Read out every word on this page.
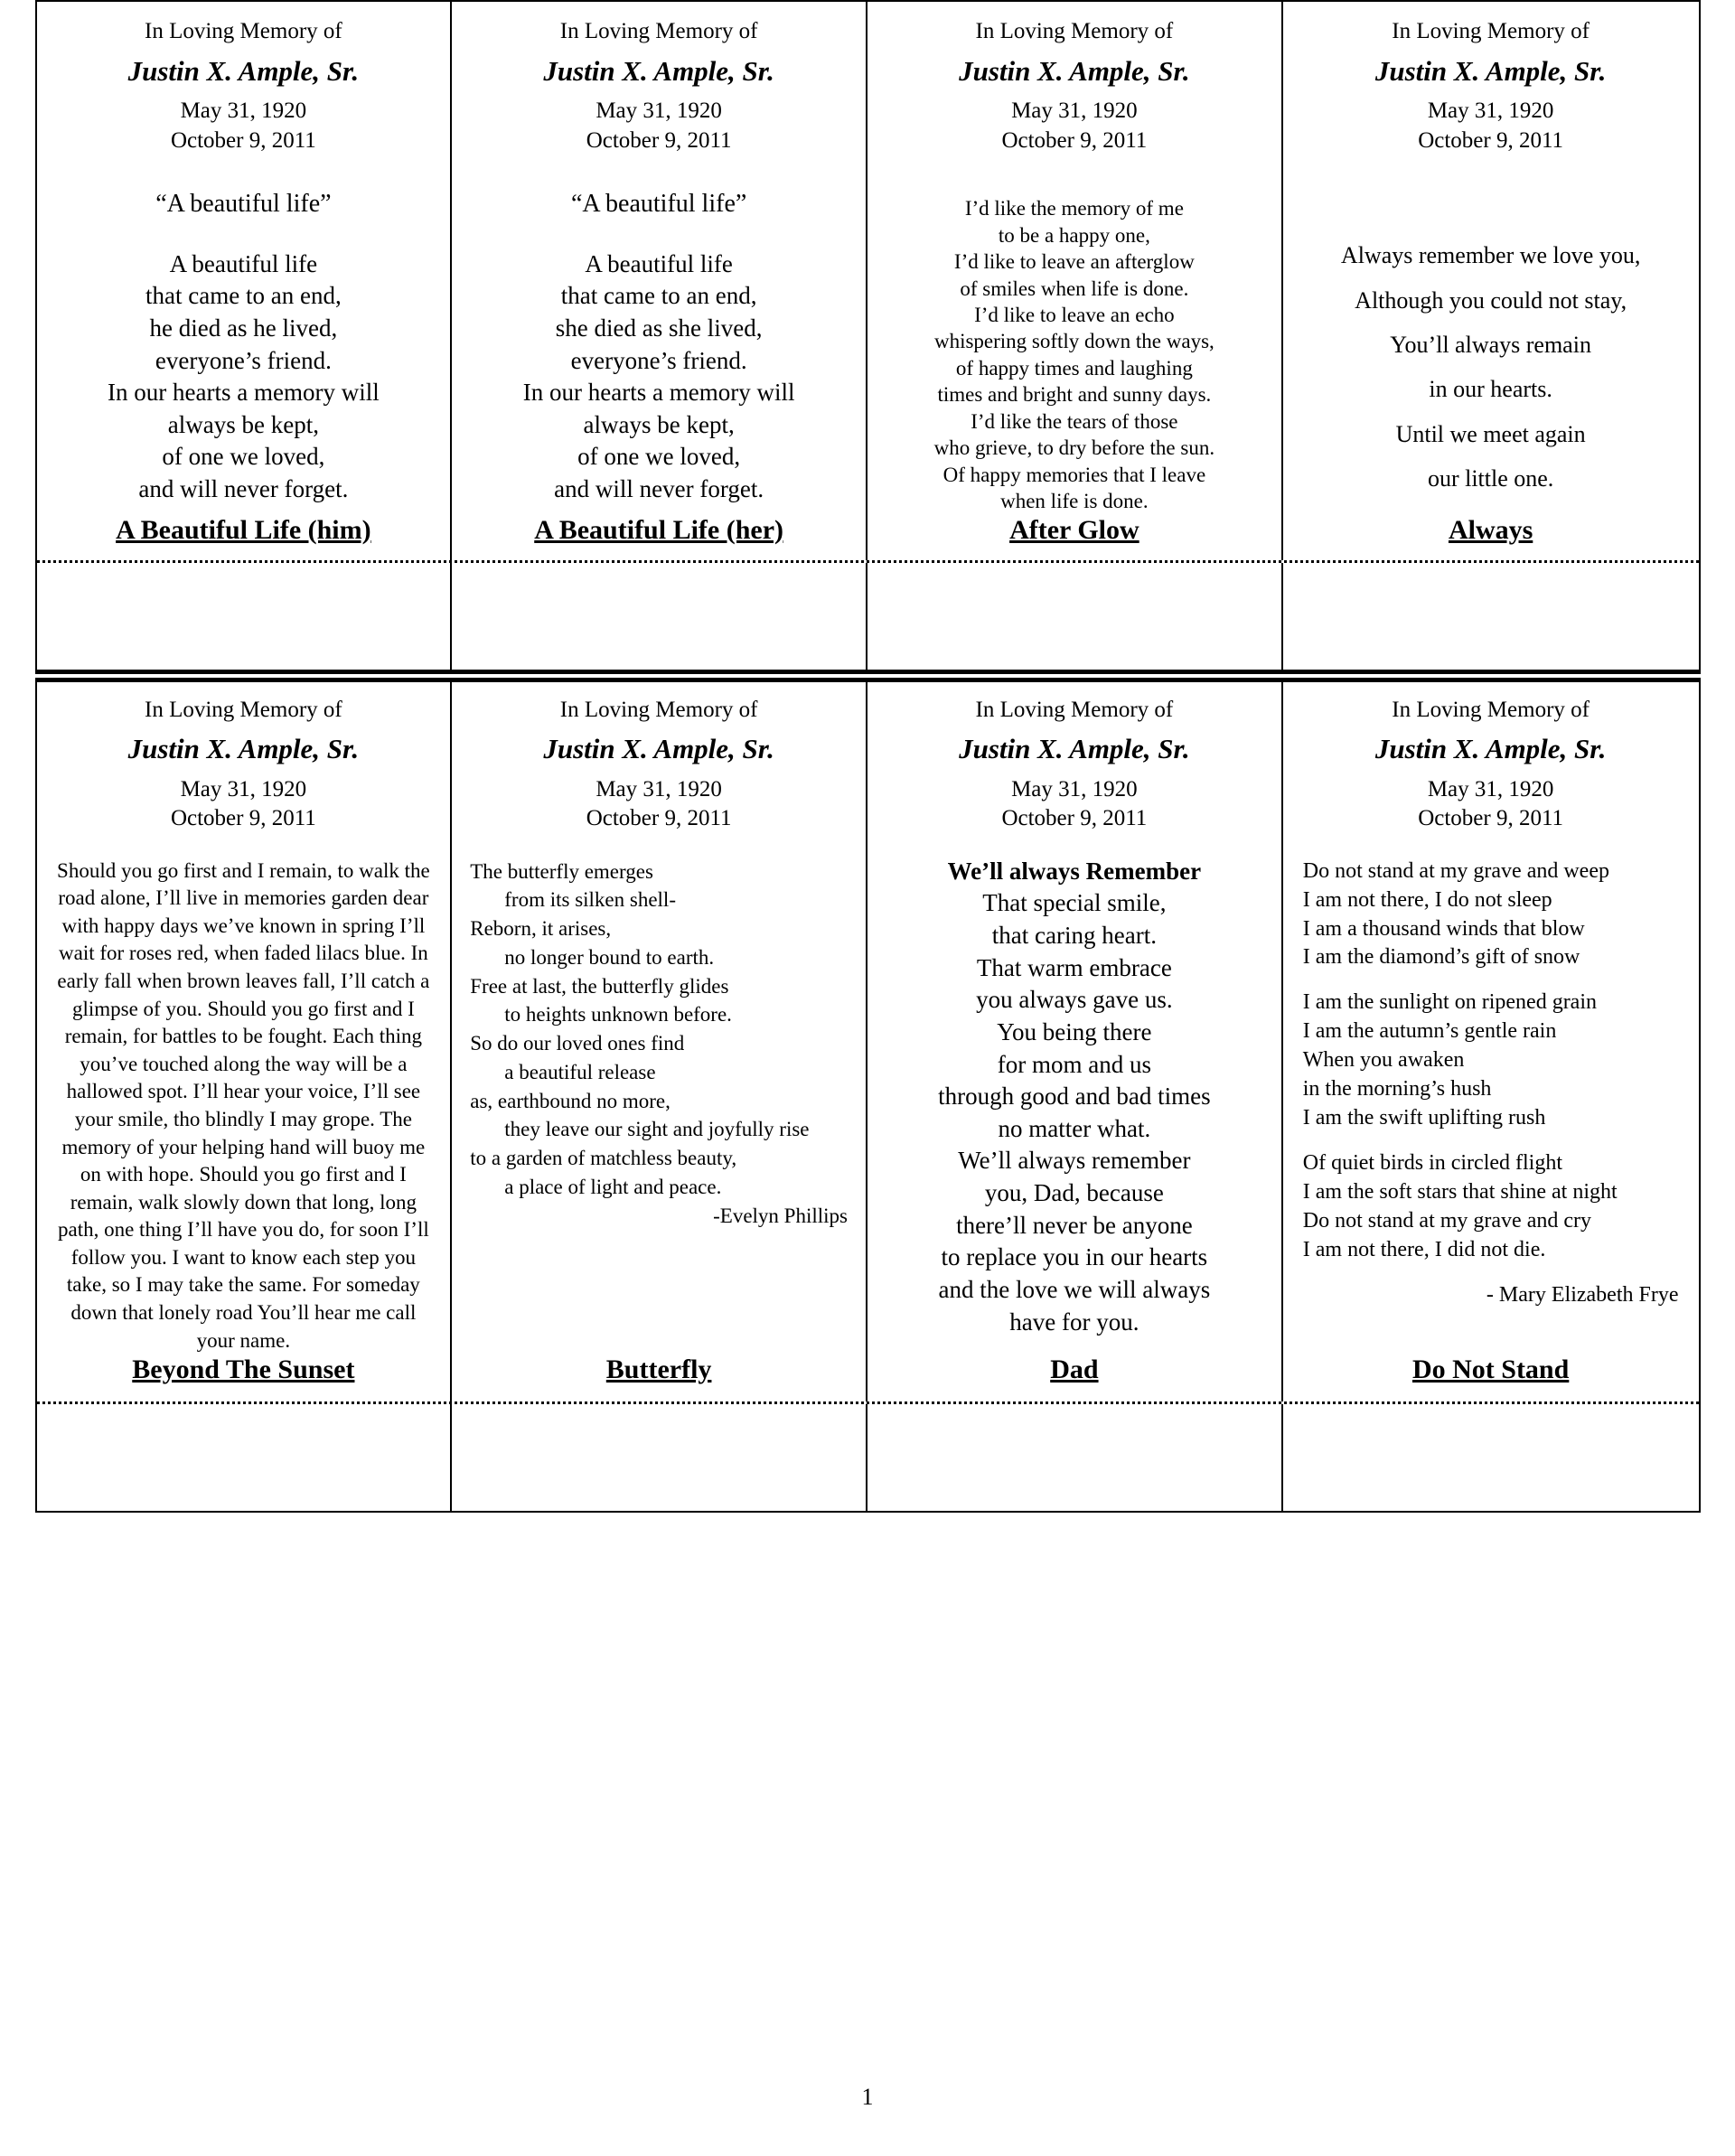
In Loving Memory of
Justin X. Ample, Sr.
May 31, 1920
October 9, 2011
“A beautiful life”
A beautiful life
that came to an end,
he died as he lived,
everyone’s friend.
In our hearts a memory will
always be kept,
of one we loved,
and will never forget.
A Beautiful Life (him)
In Loving Memory of
Justin X. Ample, Sr.
May 31, 1920
October 9, 2011
“A beautiful life”
A beautiful life
that came to an end,
she died as she lived,
everyone’s friend.
In our hearts a memory will
always be kept,
of one we loved,
and will never forget.
A Beautiful Life (her)
In Loving Memory of
Justin X. Ample, Sr.
May 31, 1920
October 9, 2011
I’d like the memory of me
to be a happy one,
I’d like to leave an afterglow
of smiles when life is done.
I’d like to leave an echo
whispering softly down the ways,
of happy times and laughing
times and bright and sunny days.
I’d like the tears of those
who grieve, to dry before the sun.
Of happy memories that I leave
when life is done.
After Glow
In Loving Memory of
Justin X. Ample, Sr.
May 31, 1920
October 9, 2011
Always remember we love you,
Although you could not stay,
You’ll always remain
in our hearts.
Until we meet again
our little one.
Always
In Loving Memory of
Justin X. Ample, Sr.
May 31, 1920
October 9, 2011
Should you go first and I remain, to walk the road alone, I’ll live in memories garden dear with happy days we’ve known in spring I’ll wait for roses red, when faded lilacs blue. In early fall when brown leaves fall, I’ll catch a glimpse of you. Should you go first and I remain, for battles to be fought. Each thing you’ve touched along the way will be a hallowed spot. I’ll hear your voice, I’ll see your smile, tho blindly I may grope. The memory of your helping hand will buoy me on with hope. Should you go first and I remain, walk slowly down that long, long path, one thing I’ll have you do, for soon I’ll follow you. I want to know each step you take, so I may take the same. For someday down that lonely road You’ll hear me call your name.
Beyond The Sunset
In Loving Memory of
Justin X. Ample, Sr.
May 31, 1920
October 9, 2011
The butterfly emerges
from its silken shell-
Reborn, it arises,
no longer bound to earth.
Free at last, the butterfly glides
to heights unknown before.
So do our loved ones find
a beautiful release
as, earthbound no more,
they leave our sight and joyfully rise
to a garden of matchless beauty,
a place of light and peace.
-Evelyn Phillips
Butterfly
In Loving Memory of
Justin X. Ample, Sr.
May 31, 1920
October 9, 2011
We’ll always Remember
That special smile,
that caring heart.
That warm embrace
you always gave us.
You being there
for mom and us
through good and bad times
no matter what.
We’ll always remember
you, Dad, because
there’ll never be anyone
to replace you in our hearts
and the love we will always
have for you.
Dad
In Loving Memory of
Justin X. Ample, Sr.
May 31, 1920
October 9, 2011
Do not stand at my grave and weep
I am not there, I do not sleep
I am a thousand winds that blow
I am the diamond’s gift of snow
I am the sunlight on ripened grain
I am the autumn’s gentle rain
When you awaken
in the morning’s hush
I am the swift uplifting rush
Of quiet birds in circled flight
I am the soft stars that shine at night
Do not stand at my grave and cry
I am not there, I did not die.
- Mary Elizabeth Frye
Do Not Stand
1
